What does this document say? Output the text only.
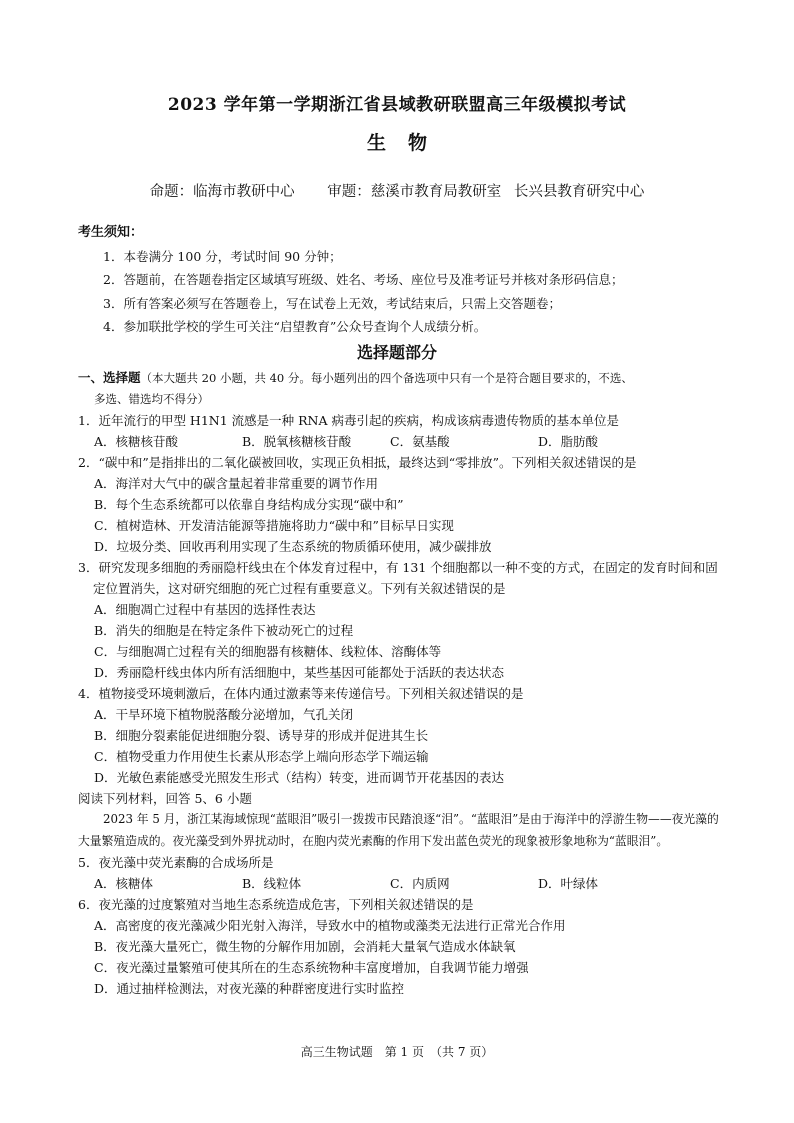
2023 学年第一学期浙江省县域教研联盟高三年级模拟考试
生物
命题：临海市教研中心 审题：慈溪市教育局教研室 长兴县教育研究中心
考生须知：
1．本卷满分 100 分，考试时间 90 分钟；
2．答题前，在答题卷指定区域填写班级、姓名、考场、座位号及准考证号并核对条形码信息；
3．所有答案必须写在答题卷上，写在试卷上无效，考试结束后，只需上交答题卷；
4．参加联批学校的学生可关注“启望教育”公众号查询个人成绩分析。
选择题部分
一、选择题（本大题共 20 小题，共 40 分。每小题列出的四个备选项中只有一个是符合题目要求的，不选、
多选、错选均不得分）
1．近年流行的甲型 H1N1 流感是一种 RNA 病毒引起的疾病，构成该病毒遗传物质的基本单位是
A．核糖核苷酸	B．脱氧核糖核苷酸	C．氨基酸	D．脂肪酸
2．“碳中和”是指排出的二氧化碳被回收，实现正负相抵，最终达到“零排放”。下列相关叙述错误的是
A．海洋对大气中的碳含量起着非常重要的调节作用
B．每个生态系统都可以依靠自身结构成分实现“碳中和”
C．植树造林、开发清洁能源等措施将助力“碳中和”目标早日实现
D．垃圾分类、回收再利用实现了生态系统的物质循环使用，减少碳排放
3．研究发现多细胞的秀丽隐杆线虫在个体发育过程中，有 131 个细胞都以一种不变的方式，在固定的发育时间和固定位置消失，这对研究细胞的死亡过程有重要意义。下列有关叙述错误的是
A．细胞凋亡过程中有基因的选择性表达
B．消失的细胞是在特定条件下被动死亡的过程
C．与细胞凋亡过程有关的细胞器有核糖体、线粒体、溶酶体等
D．秀丽隐杆线虫体内所有活细胞中，某些基因可能都处于活跃的表达状态
4．植物接受环境刺激后，在体内通过激素等来传递信号。下列相关叙述错误的是
A．干旱环境下植物脱落酸分泌增加，气孔关闭
B．细胞分裂素能促进细胞分裂、诱导芽的形成并促进其生长
C．植物受重力作用使生长素从形态学上端向形态学下端运输
D．光敏色素能感受光照发生形式（结构）转变，进而调节开花基因的表达
阅读下列材料，回答 5、6 小题
2023 年 5 月，浙江某海域惊现“蓝眼泪”吸引一拨拨市民踏浪逐“泪”。“蓝眼泪”是由于海洋中的浮游生物——夜光藻的大量繁殖造成的。夜光藻受到外界扰动时，在胞内荧光素酶的作用下发出蓝色荧光的现象被形象地称为“蓝眼泪”。
5．夜光藻中荧光素酶的合成场所是
A．核糖体	B．线粒体	C．内质网	D．叶绿体
6．夜光藻的过度繁殖对当地生态系统造成危害，下列相关叙述错误的是
A．高密度的夜光藻减少阳光射入海洋，导致水中的植物或藻类无法进行正常光合作用
B．夜光藻大量死亡，微生物的分解作用加剧，会消耗大量氧气造成水体缺氧
C．夜光藻过量繁殖可使其所在的生态系统物种丰富度增加，自我调节能力增强
D．通过抽样检测法，对夜光藻的种群密度进行实时监控
高三生物试题　第 1 页　（共 7 页）
